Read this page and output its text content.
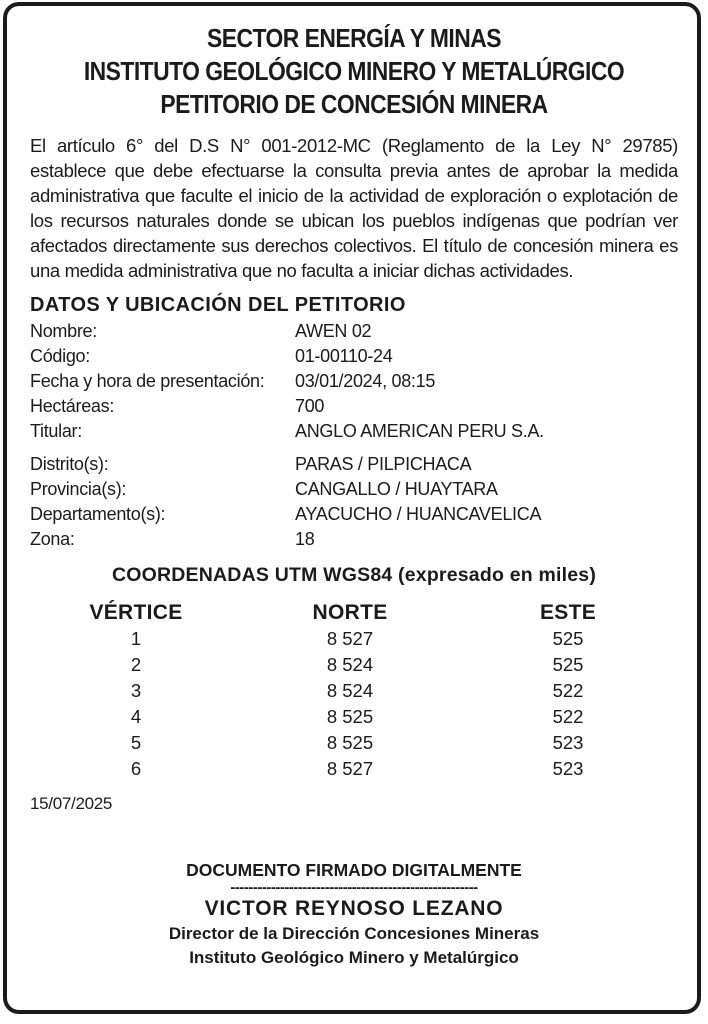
SECTOR ENERGÍA Y MINAS
INSTITUTO GEOLÓGICO MINERO Y METALÚRGICO
PETITORIO DE CONCESIÓN MINERA
El artículo 6° del D.S N° 001-2012-MC (Reglamento de la Ley N° 29785) establece que debe efectuarse la consulta previa antes de aprobar la medida administrativa que faculte el inicio de la actividad de exploración o explotación de los recursos naturales donde se ubican los pueblos indígenas que podrían ver afectados directamente sus derechos colectivos. El título de concesión minera es una medida administrativa que no faculta a iniciar dichas actividades.
DATOS Y UBICACIÓN DEL PETITORIO
Nombre:	AWEN 02
Código:	01-00110-24
Fecha y hora de presentación:	03/01/2024, 08:15
Hectáreas:	700
Titular:	ANGLO AMERICAN PERU S.A.
Distrito(s):	PARAS / PILPICHACA
Provincia(s):	CANGALLO / HUAYTARA
Departamento(s):	AYACUCHO / HUANCAVELICA
Zona:	18
COORDENADAS UTM WGS84 (expresado en miles)
VÉRTICE	NORTE	ESTE
1	8 527	525
2	8 524	525
3	8 524	522
4	8 525	522
5	8 525	523
6	8 527	523
15/07/2025
DOCUMENTO FIRMADO DIGITALMENTE
-------------------------------------------------------
VICTOR REYNOSO LEZANO
Director de la Dirección Concesiones Mineras
Instituto Geológico Minero y Metalúrgico
